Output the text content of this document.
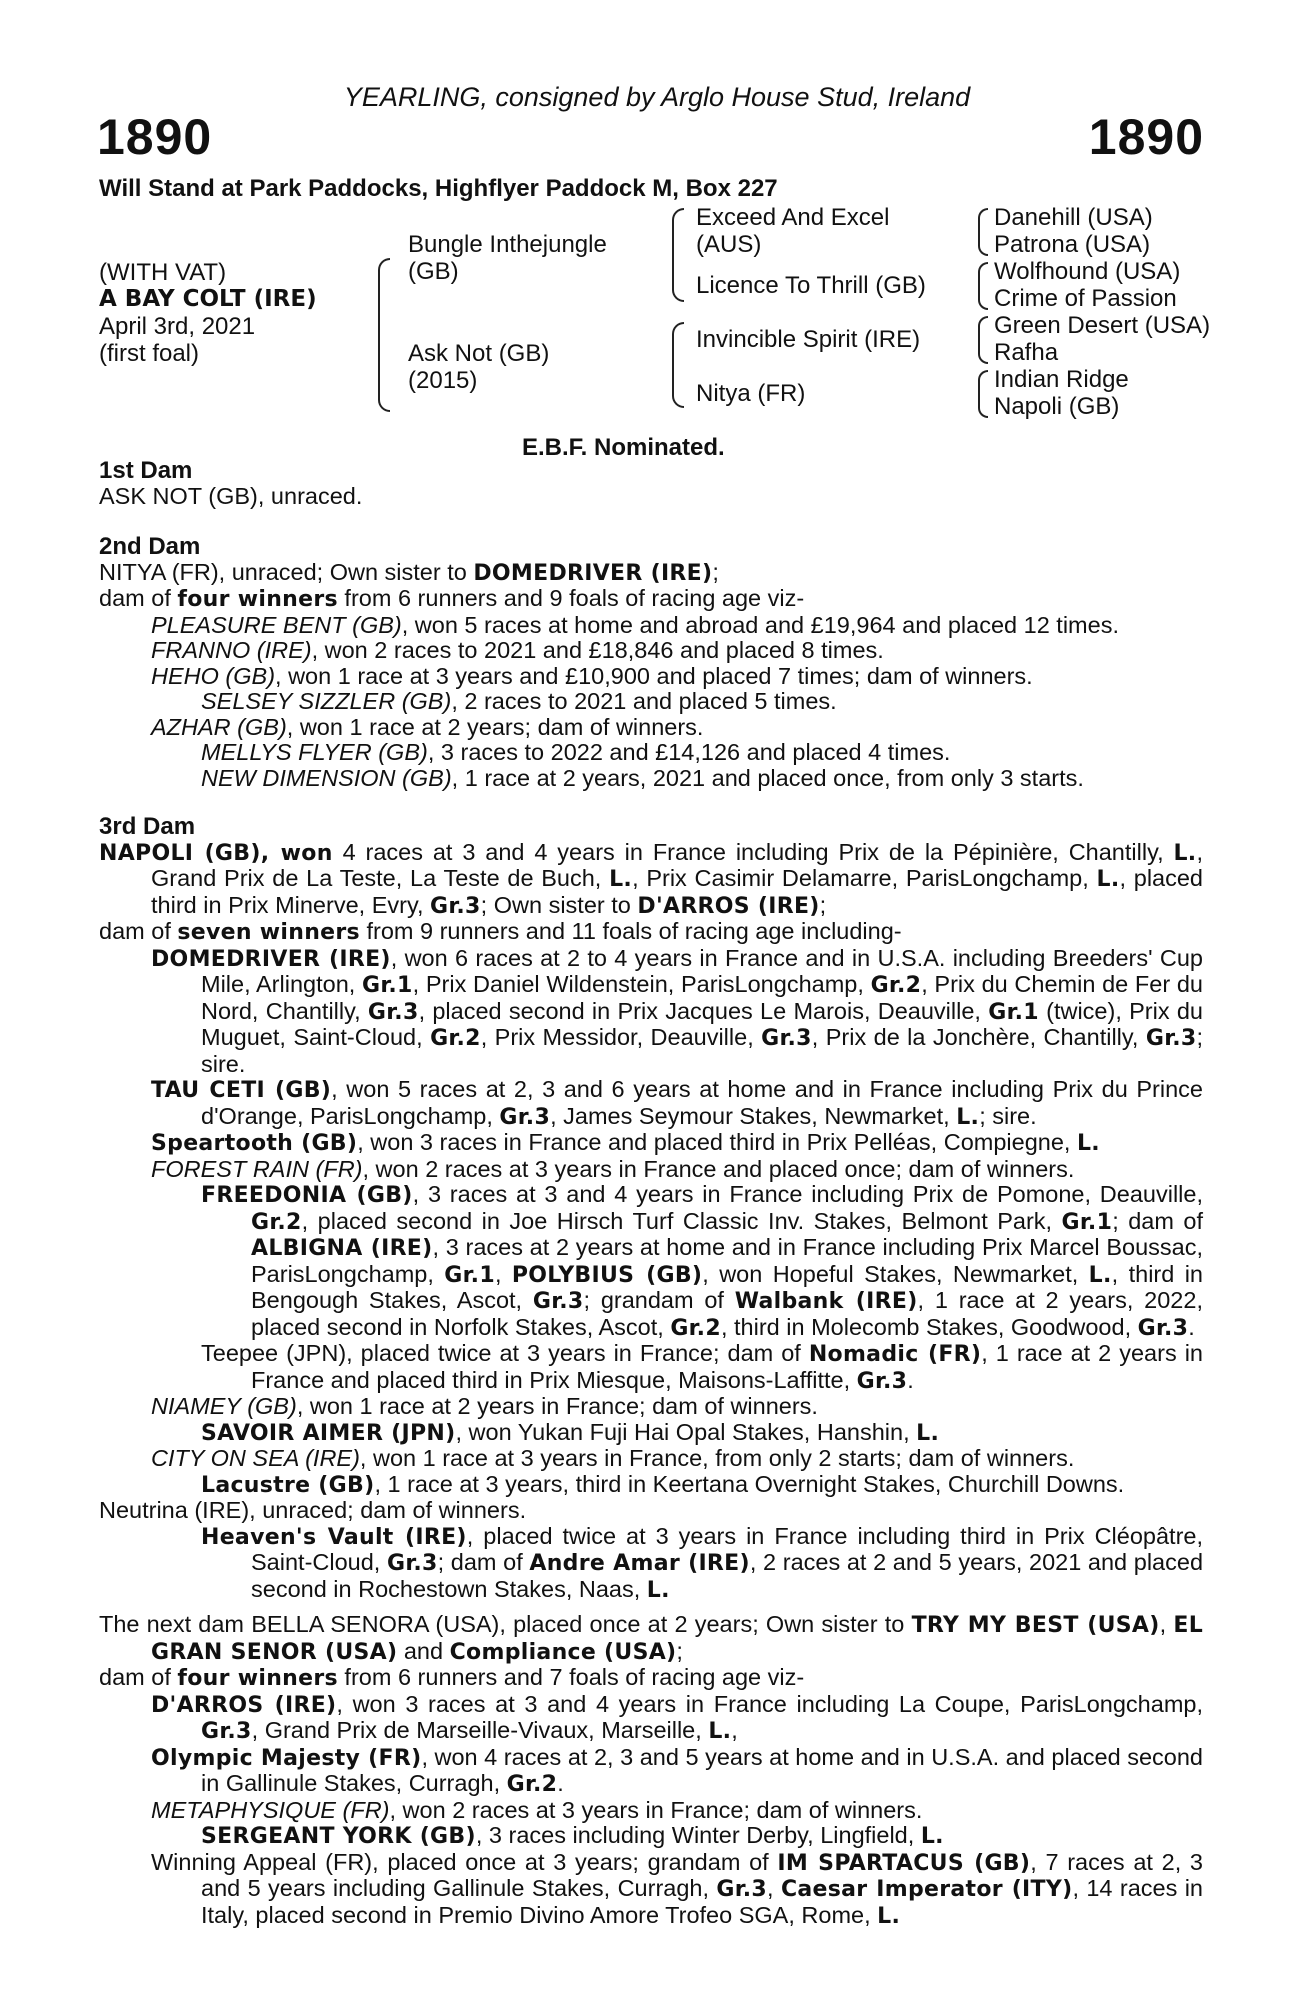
YEARLING, consigned by Arglo House Stud, Ireland
1890	1890
Will Stand at Park Paddocks, Highflyer Paddock M, Box 227
(WITH VAT)
A BAY COLT (IRE)
April 3rd, 2021
(first foal)
Bungle Inthejungle
(GB)
Ask Not (GB)
(2015)
Exceed And Excel
(AUS)
Licence To Thrill (GB)
Invincible Spirit (IRE)
Nitya (FR)
Danehill (USA)
Patrona (USA)
Wolfhound (USA)
Crime of Passion
Green Desert (USA)
Rafha
Indian Ridge
Napoli (GB)
E.B.F. Nominated.
1st Dam
ASK NOT (GB), unraced.
2nd Dam
NITYA (FR), unraced; Own sister to DOMEDRIVER (IRE);
dam of four winners from 6 runners and 9 foals of racing age viz-
PLEASURE BENT (GB), won 5 races at home and abroad and £19,964 and placed 12 times.
FRANNO (IRE), won 2 races to 2021 and £18,846 and placed 8 times.
HEHO (GB), won 1 race at 3 years and £10,900 and placed 7 times; dam of winners.
SELSEY SIZZLER (GB), 2 races to 2021 and placed 5 times.
AZHAR (GB), won 1 race at 2 years; dam of winners.
MELLYS FLYER (GB), 3 races to 2022 and £14,126 and placed 4 times.
NEW DIMENSION (GB), 1 race at 2 years, 2021 and placed once, from only 3 starts.
3rd Dam
NAPOLI (GB), won 4 races at 3 and 4 years in France including Prix de la Pépinière, Chantilly, L., Grand Prix de La Teste, La Teste de Buch, L., Prix Casimir Delamarre, ParisLongchamp, L., placed third in Prix Minerve, Evry, Gr.3; Own sister to D'ARROS (IRE);
dam of seven winners from 9 runners and 11 foals of racing age including-
DOMEDRIVER (IRE), won 6 races at 2 to 4 years in France and in U.S.A. including Breeders' Cup Mile, Arlington, Gr.1, Prix Daniel Wildenstein, ParisLongchamp, Gr.2, Prix du Chemin de Fer du Nord, Chantilly, Gr.3, placed second in Prix Jacques Le Marois, Deauville, Gr.1 (twice), Prix du Muguet, Saint-Cloud, Gr.2, Prix Messidor, Deauville, Gr.3, Prix de la Jonchère, Chantilly, Gr.3; sire.
TAU CETI (GB), won 5 races at 2, 3 and 6 years at home and in France including Prix du Prince d'Orange, ParisLongchamp, Gr.3, James Seymour Stakes, Newmarket, L.; sire.
Speartooth (GB), won 3 races in France and placed third in Prix Pelléas, Compiegne, L.
FOREST RAIN (FR), won 2 races at 3 years in France and placed once; dam of winners.
FREEDONIA (GB), 3 races at 3 and 4 years in France including Prix de Pomone, Deauville, Gr.2, placed second in Joe Hirsch Turf Classic Inv. Stakes, Belmont Park, Gr.1; dam of ALBIGNA (IRE), 3 races at 2 years at home and in France including Prix Marcel Boussac, ParisLongchamp, Gr.1, POLYBIUS (GB), won Hopeful Stakes, Newmarket, L., third in Bengough Stakes, Ascot, Gr.3; grandam of Walbank (IRE), 1 race at 2 years, 2022, placed second in Norfolk Stakes, Ascot, Gr.2, third in Molecomb Stakes, Goodwood, Gr.3.
Teepee (JPN), placed twice at 3 years in France; dam of Nomadic (FR), 1 race at 2 years in France and placed third in Prix Miesque, Maisons-Laffitte, Gr.3.
NIAMEY (GB), won 1 race at 2 years in France; dam of winners.
SAVOIR AIMER (JPN), won Yukan Fuji Hai Opal Stakes, Hanshin, L.
CITY ON SEA (IRE), won 1 race at 3 years in France, from only 2 starts; dam of winners.
Lacustre (GB), 1 race at 3 years, third in Keertana Overnight Stakes, Churchill Downs.
Neutrina (IRE), unraced; dam of winners.
Heaven's Vault (IRE), placed twice at 3 years in France including third in Prix Cléopâtre, Saint-Cloud, Gr.3; dam of Andre Amar (IRE), 2 races at 2 and 5 years, 2021 and placed second in Rochestown Stakes, Naas, L.
The next dam BELLA SENORA (USA), placed once at 2 years; Own sister to TRY MY BEST (USA), EL GRAN SENOR (USA) and Compliance (USA);
dam of four winners from 6 runners and 7 foals of racing age viz-
D'ARROS (IRE), won 3 races at 3 and 4 years in France including La Coupe, ParisLongchamp, Gr.3, Grand Prix de Marseille-Vivaux, Marseille, L.,
Olympic Majesty (FR), won 4 races at 2, 3 and 5 years at home and in U.S.A. and placed second in Gallinule Stakes, Curragh, Gr.2.
METAPHYSIQUE (FR), won 2 races at 3 years in France; dam of winners.
SERGEANT YORK (GB), 3 races including Winter Derby, Lingfield, L.
Winning Appeal (FR), placed once at 3 years; grandam of IM SPARTACUS (GB), 7 races at 2, 3 and 5 years including Gallinule Stakes, Curragh, Gr.3, Caesar Imperator (ITY), 14 races in Italy, placed second in Premio Divino Amore Trofeo SGA, Rome, L.
